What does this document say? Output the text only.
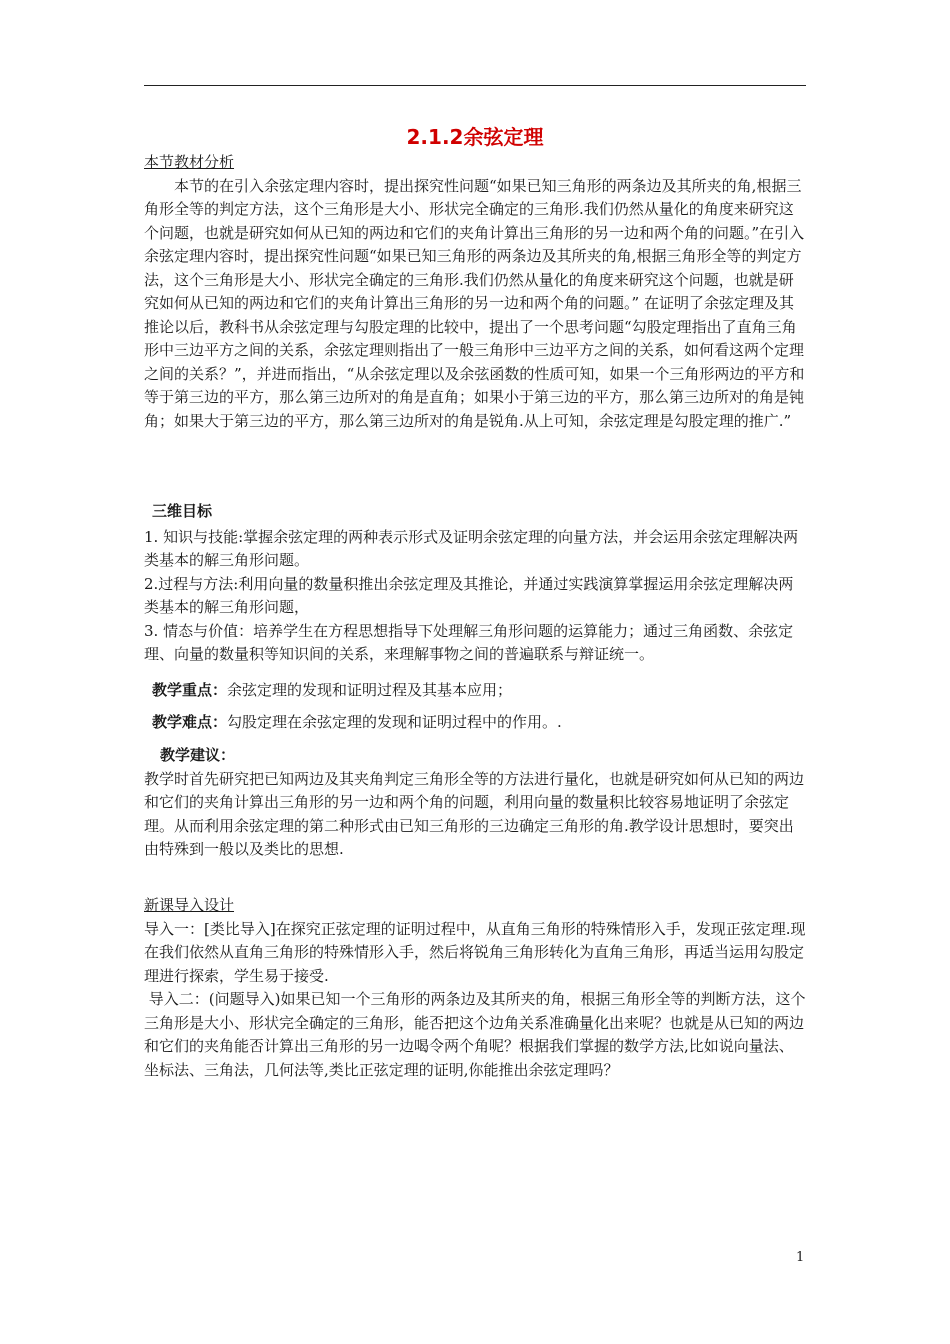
2.1.2余弦定理
本节教材分析
本节的在引入余弦定理内容时，提出探究性问题“如果已知三角形的两条边及其所夹的角,根据三角形全等的判定方法，这个三角形是大小、形状完全确定的三角形.我们仍然从量化的角度来研究这个问题，也就是研究如何从已知的两边和它们的夹角计算出三角形的另一边和两个角的问题。”在引入余弦定理内容时，提出探究性问题“如果已知三角形的两条边及其所夹的角,根据三角形全等的判定方法，这个三角形是大小、形状完全确定的三角形.我们仍然从量化的角度来研究这个问题，也就是研究如何从已知的两边和它们的夹角计算出三角形的另一边和两个角的问题。” 在证明了余弦定理及其推论以后，教科书从余弦定理与勾股定理的比较中，提出了一个思考问题“勾股定理指出了直角三角形中三边平方之间的关系，余弦定理则指出了一般三角形中三边平方之间的关系，如何看这两个定理之间的关系？”，并进而指出，“从余弦定理以及余弦函数的性质可知，如果一个三角形两边的平方和等于第三边的平方，那么第三边所对的角是直角；如果小于第三边的平方，那么第三边所对的角是钝角；如果大于第三边的平方，那么第三边所对的角是锐角.从上可知，余弦定理是勾股定理的推广.”
三维目标
1. 知识与技能:掌握余弦定理的两种表示形式及证明余弦定理的向量方法，并会运用余弦定理解决两类基本的解三角形问题。
2.过程与方法:利用向量的数量积推出余弦定理及其推论，并通过实践演算掌握运用余弦定理解决两类基本的解三角形问题，
3. 情态与价值：培养学生在方程思想指导下处理解三角形问题的运算能力；通过三角函数、余弦定理、向量的数量积等知识间的关系，来理解事物之间的普遍联系与辩证统一。
教学重点：余弦定理的发现和证明过程及其基本应用；
教学难点：勾股定理在余弦定理的发现和证明过程中的作用。.
教学建议：
教学时首先研究把已知两边及其夹角判定三角形全等的方法进行量化，也就是研究如何从已知的两边和它们的夹角计算出三角形的另一边和两个角的问题，利用向量的数量积比较容易地证明了余弦定理。从而利用余弦定理的第二种形式由已知三角形的三边确定三角形的角.教学设计思想时，要突出由特殊到一般以及类比的思想.
新课导入设计
导入一：[类比导入]在探究正弦定理的证明过程中，从直角三角形的特殊情形入手，发现正弦定理.现在我们依然从直角三角形的特殊情形入手，然后将锐角三角形转化为直角三角形，再适当运用勾股定理进行探索，学生易于接受.
导入二：(问题导入)如果已知一个三角形的两条边及其所夹的角，根据三角形全等的判断方法，这个三角形是大小、形状完全确定的三角形，能否把这个边角关系准确量化出来呢？也就是从已知的两边和它们的夹角能否计算出三角形的另一边喝令两个角呢？根据我们掌握的数学方法,比如说向量法、坐标法、三角法，几何法等,类比正弦定理的证明,你能推出余弦定理吗？
1
